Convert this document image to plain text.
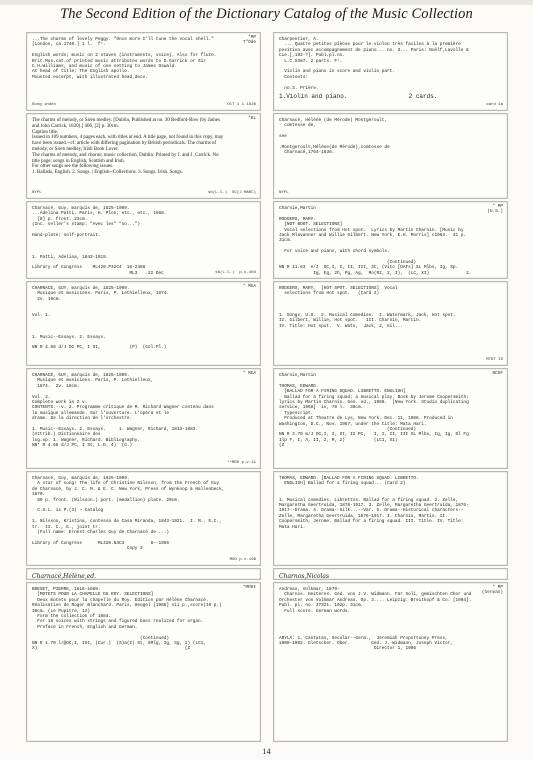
The Second Edition of the Dictionary Catalog of the Music Collection
*MP
T"Ode
...The charms of lovely Peggy. "Once more I'll tune the vocal shell." [London, ca.1740.] 1 l.  f°.

English words; music on 2 staves (instruments, voice). Also for flute.
Brit.Mus.cat.of printed music attributes words to D.Garrick or Sir C.H.Williams, and music of one setting to James Oswald.
At head of title: The English apollo.
Mounted excerpt, with illustrated head,deco.
Song index	OCT 1 1 1926
*KL
The charms of melody, or Siren medley. [Dublin, Published at no. 30 Bedford-Row (by James and John Carrick, 1820).] 406, [2] p. 30cm.
Caption title.
Issued in 109 numbers, 4 pages each, with titles at end. A title page, not found in this copy, may have been issued.--cf. article with differing pagination by British periodicals. The charms of melody, or Siren medley, Irish Book Lover.
The charms of melody, and chorus; music collection, Dublin: Printed by J. and J. Carrick. No title page; songs in English, Scottish and Irish.
For other songs see the following issues.
1. Ballads, English. 2. Songs. | English--Collections. 3. Songs. Irish. Songs.
NYPL	sb(L.C.)  SC(J MARC)
Charnacé, Guy, marquis de, 1825-1909.
...Adelina Patti. Paris, H. Plon; etc., etc., 1868.
[8] p. front. 23cm.
(Inc. seller's stamp: "Avec les" "no...")

Hand-plate; self-portrait.

1. Patti, Adelina, 1843-1919.

Library of Congress    ML420.P32C4  16-2466
ML3   .22 Dec	sb(L.C.)  p.v.404
* MGA
CHARNACÉ, GUY, marquis de, 1825-1909.
Musique et musiciens. Paris, P. Lethielleux, 1874.
2v. 19cm.

Vol. 1.

1. Music--Essays. 2. Essays.

NN R 4.68 d/J OC PC, I St,           (P)  (Gol.Pl.)
* MGA
CHARNACÉ, GUY, marquis de, 1825-1909.
Musique et musiciens. Paris, P. Lethielleux,
1874.  2v. 18cm.

Vol. 2.
Complete work in 2 v.
CONTENTS.--v. 2. Programme critique de M. Richard Wagner contenu dans
la musique allemande. Sur l'ouverture. L'opéra et le
drame. De la direction de l'orchestre.

1. Music--Essays. 2. Essays.     1. Wagner, Richard, 1813-1883.
(Attrib.) Dictionnaire des
log.sp. 1. Wagner, Richard. Bibliography.
NN* R 4.68 d/J PC, I St, L.D. 4)  (G.)
"*MDD p.v.21
Charnacé, Guy, marquis de, 1825-1909.
A star of song! The life of Christine Nilsson, from the French of Guy de Charnacé, by J. C. M. & E. C. New York, Press of Wynkoop & Hallenbeck, 1870.
89 p. front. (Nilsson.) port. (medallion) plate. 20cm.

C.S.L. is P.(3) ~ Catalog

1. Nilsson, Kristina, contessa de Casa Miranda, 1843-1921.  I. M., E.C.,
tr.  II. C., E., joint tr.
(Full name: Ernest Charles Guy de Charnacé de ...)

Library of Congress      ML420.N4C4          8--1956
Copy 3
MOD p.v.198
Charnacé,Hélène,ed.
*MRHI
BOESET, PIERRE, 1616-1689.
[MOTETS POUR LA CHAPELLE DU ROY. SELECTIONS]
Deux motets pour la chapelle du Roy. Édition par Hélène Charnacé. Réalisation de Roger Blanchard. Paris, Heugel [1966] vii p.,score(16 p.) 30cm. (Le Pupitre, 12)
Form the collection of 1684.
For 18 voices with strings and figured bass realized for organ.
Preface in French, English and German.

(Continued)
NN R 1.70 l/@OC,I, ISt, (Cur.)  (S)a(I) St, SMlg, Ig, Sg, 2) (LC1,
X)                                                        (Z
Charpentier, A.
... Quatre petites pièces pour le violon très faciles à la première position avec accompagnement de piano... no. 3... Paris: Noëlf,Lavolle & Cie.[,192-?]. Publ.pl.no.
L.C.5387. 2 parts. F°.

Violin and piano in score and violin part.
Contents:

no.3. Prière.
1.Violin and piano.                 2 cards.
card 1a
Charnacé, Hélène (de Mérode) Montgeroult,
comtesse de,

see

.Montgeroult,Hélène(de Mérode),comtesse de
Charnacé,1764-1836.
NYPL
* MP
(U.S.)
Charnie,Martin

RODGERS, MARY.
[NOT BOOT. SELECTIONS]
Vocal selections from Hot spot.  Lyrics by Martin Charnin. [Music by Jack Mlavanner and Willie Gilbert. New York, E.H. Morris] c1963.  41 p.  31cm.

For voice and piano, with chord symbols.

(Continued)
NN R 11.63  e/J  OC,I, I, II, III, St, (Vito [DAFs] SL Mlbs, Ig, Sp.
Ig, Eg, 2h, Pg, Ag,  Mo(R2, 2, I),  (LC, XI)              2.
RODGERS, MARY.  [HOT SPOT. SELECTIONS]  Vocal
selections from Hot spot.   (Card 2)

1. Songs, U.S.  2. Musical comedies.  I. Watermark, Jack, Hot spot.
II. Gilbert, Willie, Hot spot.   III. Charnin, Martin.
IV. Title: Hot spot.  V. Wats,  Jack, 2, Gil...
MTKT ID
NCOF
Charnin,Martin

THOMAS, EDWARD.
[BALLAD FOR A FIRING SQUAD. LIBRETTO. ENGLISH]
Ballad for a firing squad; a musical play. Book by Jerome Coopersmith; lyrics by Martin Charnin. Gen. ed., 1968.  [New York. Studio duplicating service, 1968]  iv, 78 l.  30cm.
Typescript.
Produced at Theatre de Lys, New York, Dec. 11, 1968. Produced in Washington, D.C., Nov. 1967, under the title: Mata Hari.
(Continued)
NN R 3.70 m/J OC,I, I, St, II PC,   I, I, II, III SL Mlbs, Ig, Ig, Dl Fg
Ilp F, I, A, II, 2, M, 2)           (LC1, X1)                           (Z
THOMAS, EDWARD. [BALLAD FOR A FIRING SQUAD. LIBRETTO.
ENGLISH] Ballad for a firing squad... (Card 2)

1. Musical comedies. Librettos. Ballad for a firing squad. 2. Zelle, Margaretha Geertruida, 1876-1917. 3. Zelle, Margaretha Geertruida, 1876-1917--Drama. 4. Drama--Silk...--Var. 5. Drama--Historical characters--Zelle, Margaretha Geertruida, 1876-1917. I. Charnin, Martin. II. Coopersmith, Jerome. Ballad for a firing squad. III. Title. IV. Title: Mata Hari.
Charnos,Nicolas
* MP
(German)
Andreas, Volkmar, 1879-
Charnos. Heiteres. Ged. von J.V. Widmann. Für Soli, gemischten Chor und Orchester von Volkmar Andreas. Op. 3.... Leipzig: Breitkopf & Co. [1904]. Publ. pl. no. 37321. 102p. 31cm.
Full score. German words.

ARYLA: 1. Cantatas, Secular--Germ.,  Jeremiah Proportuney Press,
1900-1902. Gletscher. Ober.        Ged. J. Widmann, Joseph Victor,
Director 1, 1906
14
